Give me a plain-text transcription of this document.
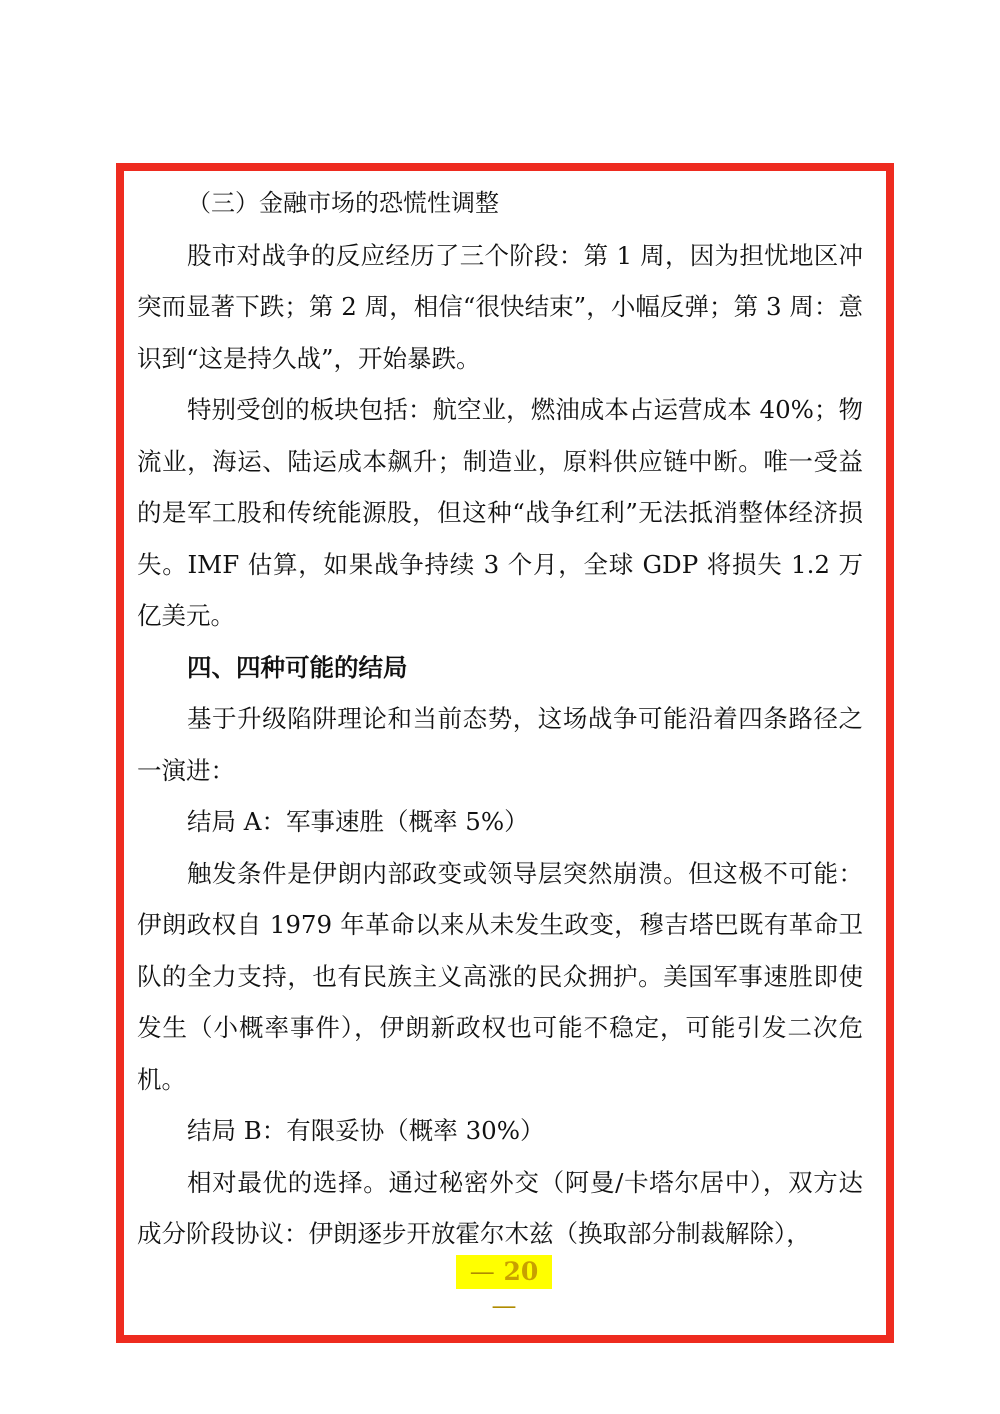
（三）金融市场的恐慌性调整

股市对战争的反应经历了三个阶段：第 1 周，因为担忧地区冲突而显著下跌；第 2 周，相信“很快结束”，小幅反弹；第 3 周：意识到“这是持久战”，开始暴跌。

特别受创的板块包括：航空业，燃油成本占运营成本 40%；物流业，海运、陆运成本飙升；制造业，原料供应链中断。唯一受益的是军工股和传统能源股，但这种“战争红利”无法抵消整体经济损失。IMF 估算，如果战争持续 3 个月，全球 GDP 将损失 1.2 万亿美元。

四、四种可能的结局

基于升级陷阱理论和当前态势，这场战争可能沿着四条路径之一演进：

结局 A：军事速胜（概率 5%）

触发条件是伊朗内部政变或领导层突然崩溃。但这极不可能：伊朗政权自 1979 年革命以来从未发生政变，穆吉塔巴既有革命卫队的全力支持，也有民族主义高涨的民众拥护。美国军事速胜即使发生（小概率事件），伊朗新政权也可能不稳定，可能引发二次危机。

结局 B：有限妥协（概率 30%）

相对最优的选择。通过秘密外交（阿曼/卡塔尔居中），双方达成分阶段协议：伊朗逐步开放霍尔木兹（换取部分制裁解除），

— 20 —
